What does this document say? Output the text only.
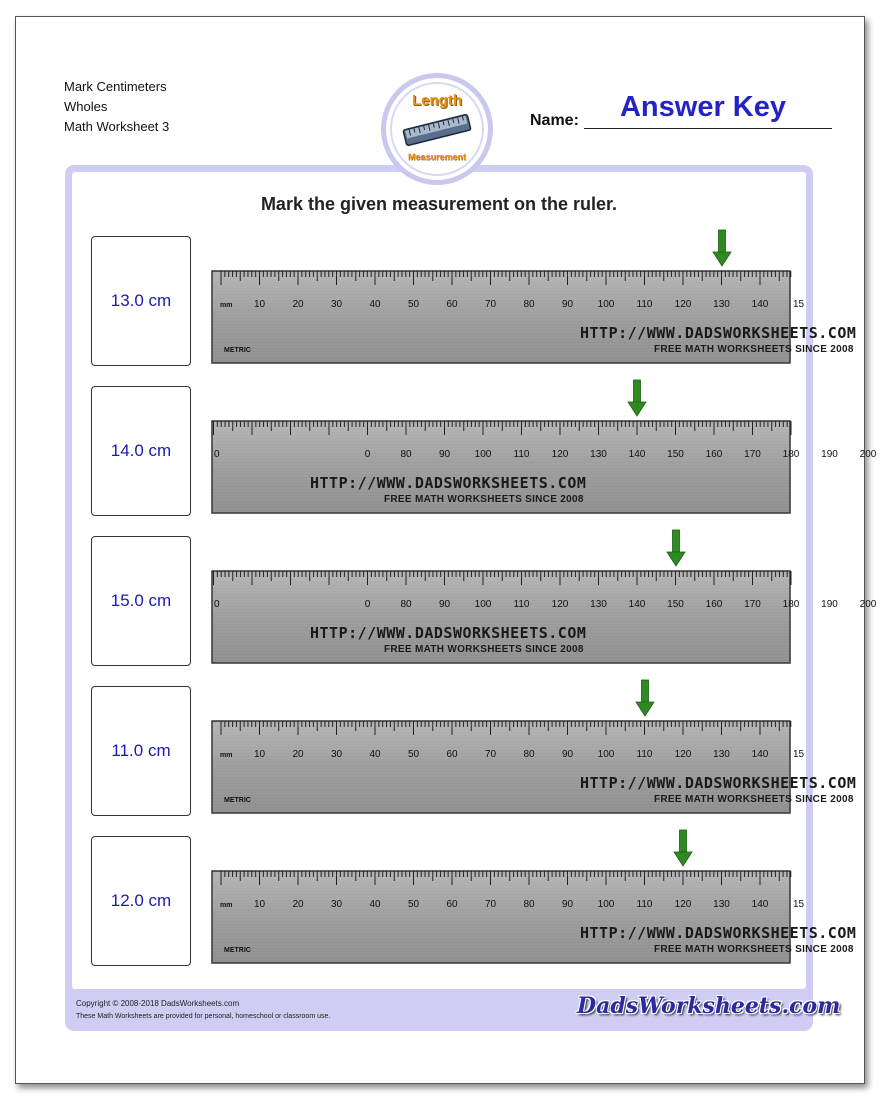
Mark Centimeters
Wholes
Math Worksheet 3
Length
Measurement
Name:	Answer Key
Mark the given measurement on the ruler.
13.0 cm	10	20	30	40	50	60	70	80	90 100 110 120 130 140 15
mm
METRIC
HTTP://WWW.DADSWORKSHEETS.COM
FREE MATH WORKSHEETS SINCE 2008
14.0 cm	0	80	90 100 110 120 130 140 150 160 170 180 190 200
0
HTTP://WWW.DADSWORKSHEETS.COM
FREE MATH WORKSHEETS SINCE 2008
15.0 cm	0	80	90 100 110 120 130 140 150 160 170 180 190 200
0
HTTP://WWW.DADSWORKSHEETS.COM
FREE MATH WORKSHEETS SINCE 2008
11.0 cm	10	20	30	40	50	60	70	80	90 100 110 120 130 140 15
mm
METRIC
HTTP://WWW.DADSWORKSHEETS.COM
FREE MATH WORKSHEETS SINCE 2008
12.0 cm	10	20	30	40	50	60	70	80	90 100 110 120 130 140 15
mm
METRIC
HTTP://WWW.DADSWORKSHEETS.COM
FREE MATH WORKSHEETS SINCE 2008
Copyright © 2008-2018 DadsWorksheets.com
These Math Worksheets are provided for personal, homeschool or classroom use.	DadsWorksheets.com
